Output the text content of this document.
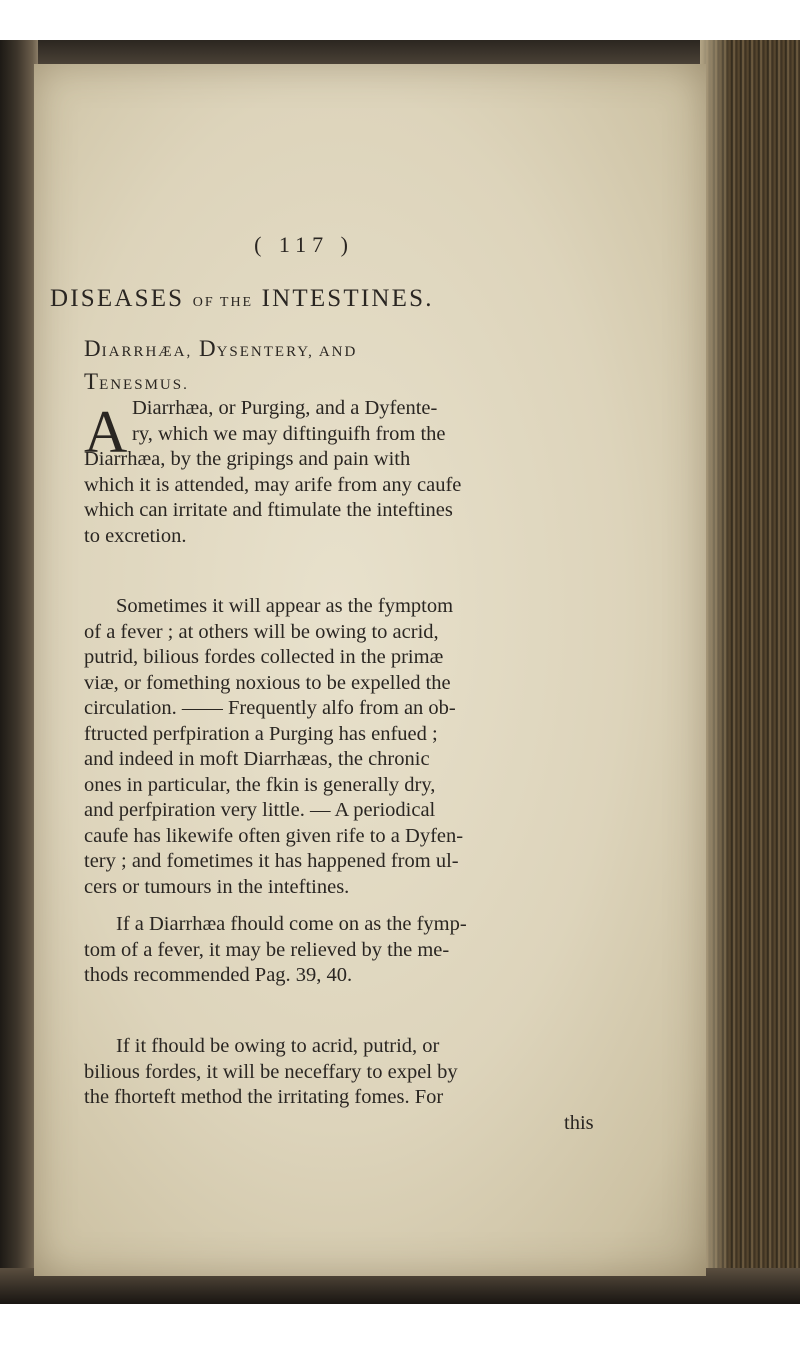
( 117 )
DISEASES OF THE INTESTINES.
DIARRHÆA, DYSENTERY, AND
TENESMUS.
A Diarrhæa, or Purging, and a Dyfente-
ry, which we may diftinguifh from the
Diarrhæa, by the gripings and pain with
which it is attended, may arife from any caufe
which can irritate and ftimulate the inteftines
to excretion.
Sometimes it will appear as the fymptom
of a fever ; at others will be owing to acrid,
putrid, bilious fordes collected in the primæ
viæ, or fomething noxious to be expelled the
circulation. —— Frequently alfo from an ob-
ftructed perfpiration a Purging has enfued ;
and indeed in moft Diarrhæas, the chronic
ones in particular, the fkin is generally dry,
and perfpiration very little. — A periodical
caufe has likewife often given rife to a Dyfen-
tery ; and fometimes it has happened from ul-
cers or tumours in the inteftines.
If a Diarrhæa fhould come on as the fymp-
tom of a fever, it may be relieved by the me-
thods recommended Pag. 39, 40.
If it fhould be owing to acrid, putrid, or
bilious fordes, it will be neceffary to expel by
the fhorteft method the irritating fomes. For
this
